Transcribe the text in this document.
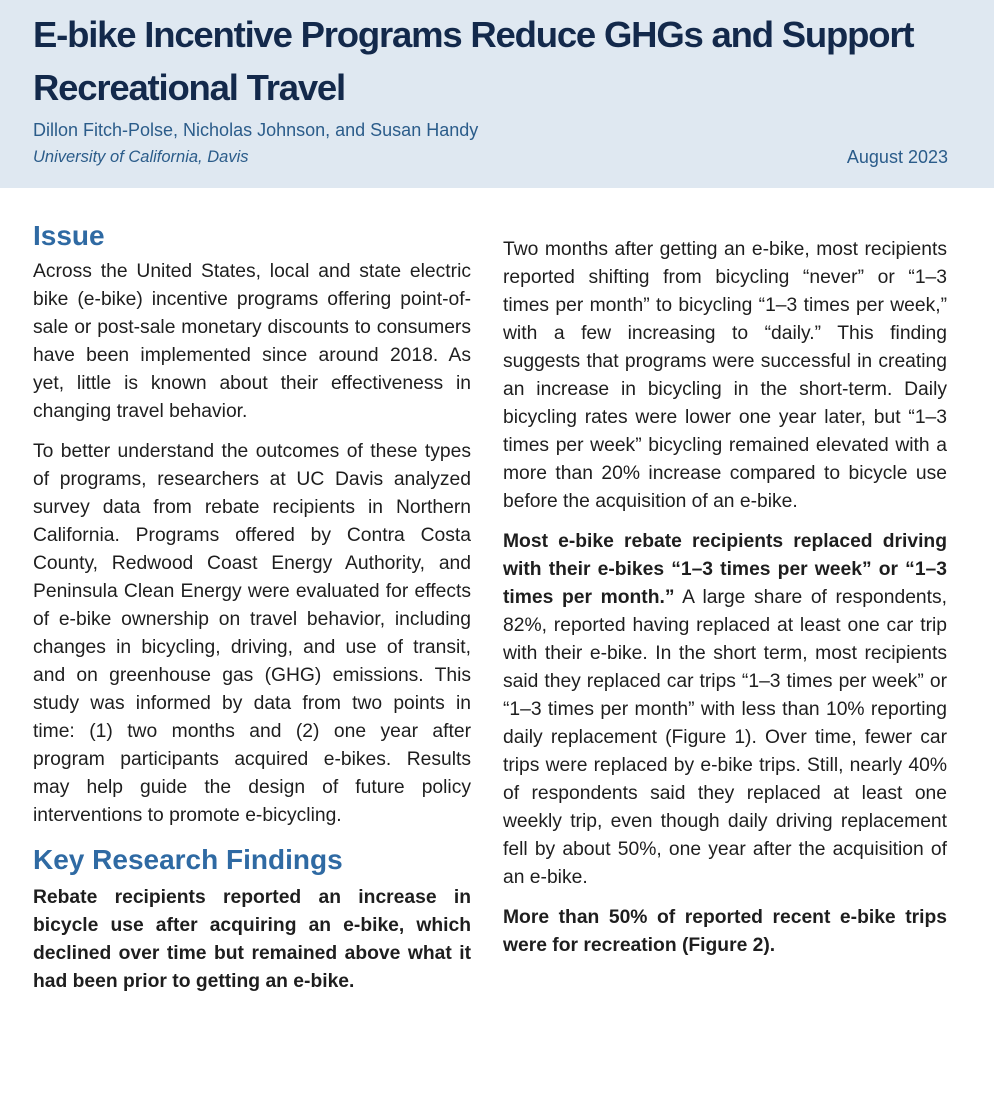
E-bike Incentive Programs Reduce GHGs and Support Recreational Travel
Dillon Fitch-Polse, Nicholas Johnson, and Susan Handy
University of California, Davis	August 2023
Issue

Across the United States, local and state electric bike (e-bike) incentive programs offering point-of-sale or post-sale monetary discounts to consumers have been implemented since around 2018. As yet, little is known about their effectiveness in changing travel behavior.

To better understand the outcomes of these types of programs, researchers at UC Davis analyzed survey data from rebate recipients in Northern California. Programs offered by Contra Costa County, Redwood Coast Energy Authority, and Peninsula Clean Energy were evaluated for effects of e-bike ownership on travel behavior, including changes in bicycling, driving, and use of transit, and on greenhouse gas (GHG) emissions. This study was informed by data from two points in time: (1) two months and (2) one year after program participants acquired e-bikes. Results may help guide the design of future policy interventions to promote e-bicycling.

Key Research Findings

Rebate recipients reported an increase in bicycle use after acquiring an e-bike, which declined over time but remained above what it had been prior to getting an e-bike.

Two months after getting an e-bike, most recipients reported shifting from bicycling “never” or “1–3 times per month” to bicycling “1–3 times per week,” with a few increasing to “daily.” This finding suggests that programs were successful in creating an increase in bicycling in the short-term. Daily bicycling rates were lower one year later, but “1–3 times per week” bicycling remained elevated with a more than 20% increase compared to bicycle use before the acquisition of an e-bike.

Most e-bike rebate recipients replaced driving with their e-bikes “1–3 times per week” or “1–3 times per month.” A large share of respondents, 82%, reported having replaced at least one car trip with their e-bike. In the short term, most recipients said they replaced car trips “1–3 times per week” or “1–3 times per month” with less than 10% reporting daily replacement (Figure 1). Over time, fewer car trips were replaced by e-bike trips. Still, nearly 40% of respondents said they replaced at least one weekly trip, even though daily driving replacement fell by about 50%, one year after the acquisition of an e-bike.

More than 50% of reported recent e-bike trips were for recreation (Figure 2).
